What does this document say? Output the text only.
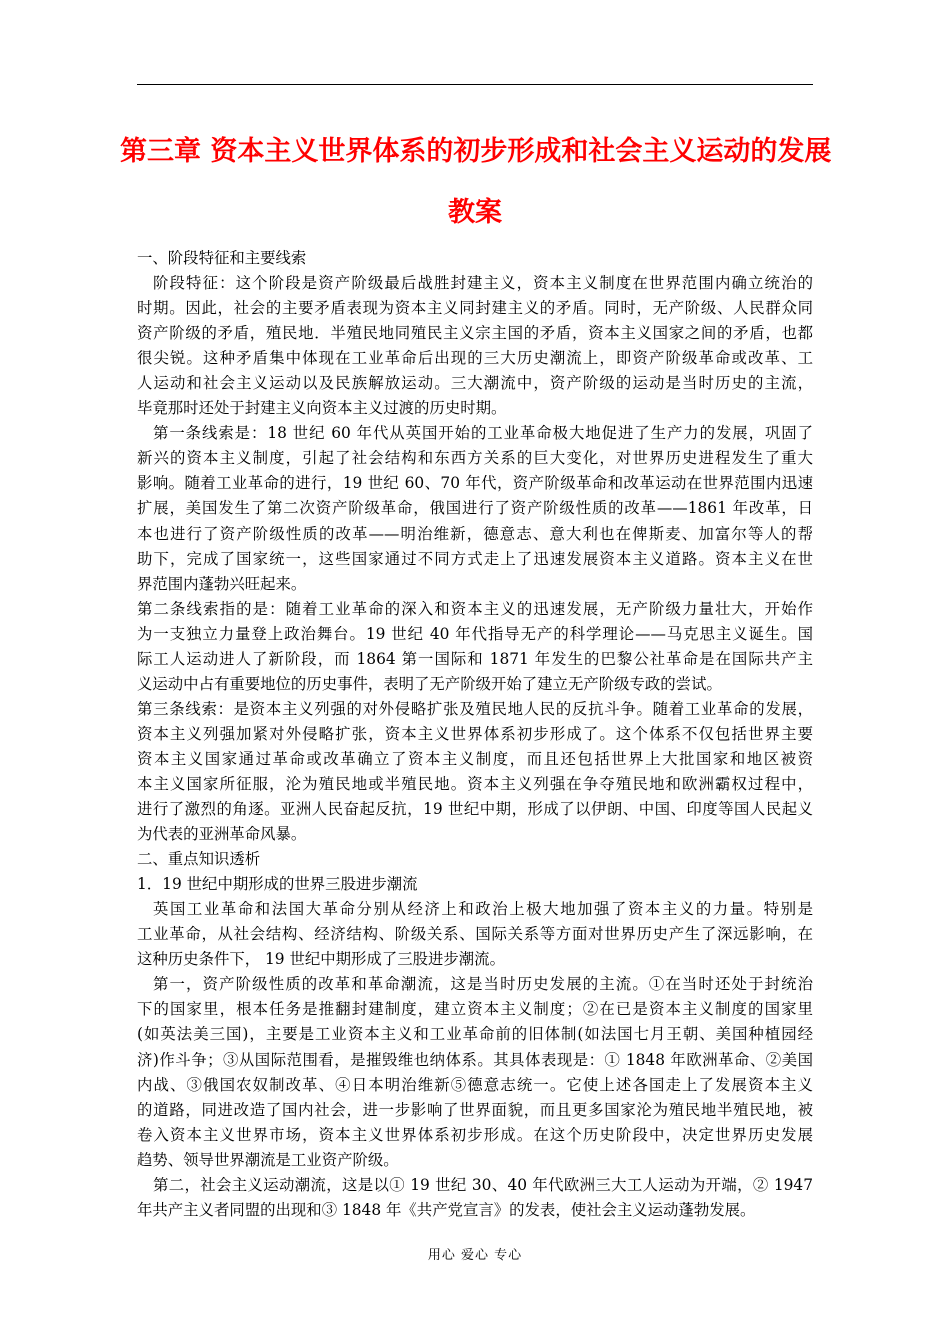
第三章 资本主义世界体系的初步形成和社会主义运动的发展
教案
一、阶段特征和主要线索
阶段特征：这个阶段是资产阶级最后战胜封建主义，资本主义制度在世界范围内确立统治的
时期。因此，社会的主要矛盾表现为资本主义同封建主义的矛盾。同时，无产阶级、人民群众同
资产阶级的矛盾，殖民地．半殖民地同殖民主义宗主国的矛盾，资本主义国家之间的矛盾，也都
很尖锐。这种矛盾集中体现在工业革命后出现的三大历史潮流上，即资产阶级革命或改革、工
人运动和社会主义运动以及民族解放运动。三大潮流中，资产阶级的运动是当时历史的主流，
毕竟那时还处于封建主义向资本主义过渡的历史时期。
第一条线索是：18 世纪 60 年代从英国开始的工业革命极大地促进了生产力的发展，巩固了
新兴的资本主义制度，引起了社会结构和东西方关系的巨大变化，对世界历史进程发生了重大
影响。随着工业革命的进行，19 世纪 60、70 年代，资产阶级革命和改革运动在世界范围内迅速
扩展，美国发生了第二次资产阶级革命，俄国进行了资产阶级性质的改革——1861 年改革，日
本也进行了资产阶级性质的改革——明治维新，德意志、意大利也在俾斯麦、加富尔等人的帮
助下，完成了国家统一，这些国家通过不同方式走上了迅速发展资本主义道路。资本主义在世
界范围内蓬勃兴旺起来。
第二条线索指的是：随着工业革命的深入和资本主义的迅速发展，无产阶级力量壮大，开始作
为一支独立力量登上政治舞台。19 世纪 40 年代指导无产的科学理论——马克思主义诞生。国
际工人运动进人了新阶段，而 1864 第一国际和 1871 年发生的巴黎公社革命是在国际共产主
义运动中占有重要地位的历史事件，表明了无产阶级开始了建立无产阶级专政的尝试。
第三条线索：是资本主义列强的对外侵略扩张及殖民地人民的反抗斗争。随着工业革命的发展，
资本主义列强加紧对外侵略扩张，资本主义世界体系初步形成了。这个体系不仅包括世界主要
资本主义国家通过革命或改革确立了资本主义制度，而且还包括世界上大批国家和地区被资
本主义国家所征服，沦为殖民地或半殖民地。资本主义列强在争夺殖民地和欧洲霸权过程中，
进行了激烈的角逐。亚洲人民奋起反抗，19 世纪中期，形成了以伊朗、中国、印度等国人民起义
为代表的亚洲革命风暴。
二、重点知识透析
1．19 世纪中期形成的世界三股进步潮流
英国工业革命和法国大革命分别从经济上和政治上极大地加强了资本主义的力量。特别是
工业革命，从社会结构、经济结构、阶级关系、国际关系等方面对世界历史产生了深远影响，在
这种历史条件下， 19 世纪中期形成了三股进步潮流。
第一，资产阶级性质的改革和革命潮流，这是当时历史发展的主流。①在当时还处于封统治
下的国家里，根本任务是推翻封建制度，建立资本主义制度；②在已是资本主义制度的国家里
(如英法美三国)，主要是工业资本主义和工业革命前的旧体制(如法国七月王朝、美国种植园经
济)作斗争；③从国际范围看，是摧毁维也纳体系。其具体表现是：① 1848 年欧洲革命、②美国
内战、③俄国农奴制改革、④日本明治维新⑤德意志统一。它使上述各国走上了发展资本主义
的道路，同进改造了国内社会，进一步影响了世界面貌，而且更多国家沦为殖民地半殖民地，被
卷入资本主义世界市场，资本主义世界体系初步形成。在这个历史阶段中，决定世界历史发展
趋势、领导世界潮流是工业资产阶级。
第二，社会主义运动潮流，这是以① 19 世纪 30、40 年代欧洲三大工人运动为开端，② 1947
年共产主义者同盟的出现和③ 1848 年《共产党宣言》的发表，使社会主义运动蓬勃发展。
用心 爱心 专心
